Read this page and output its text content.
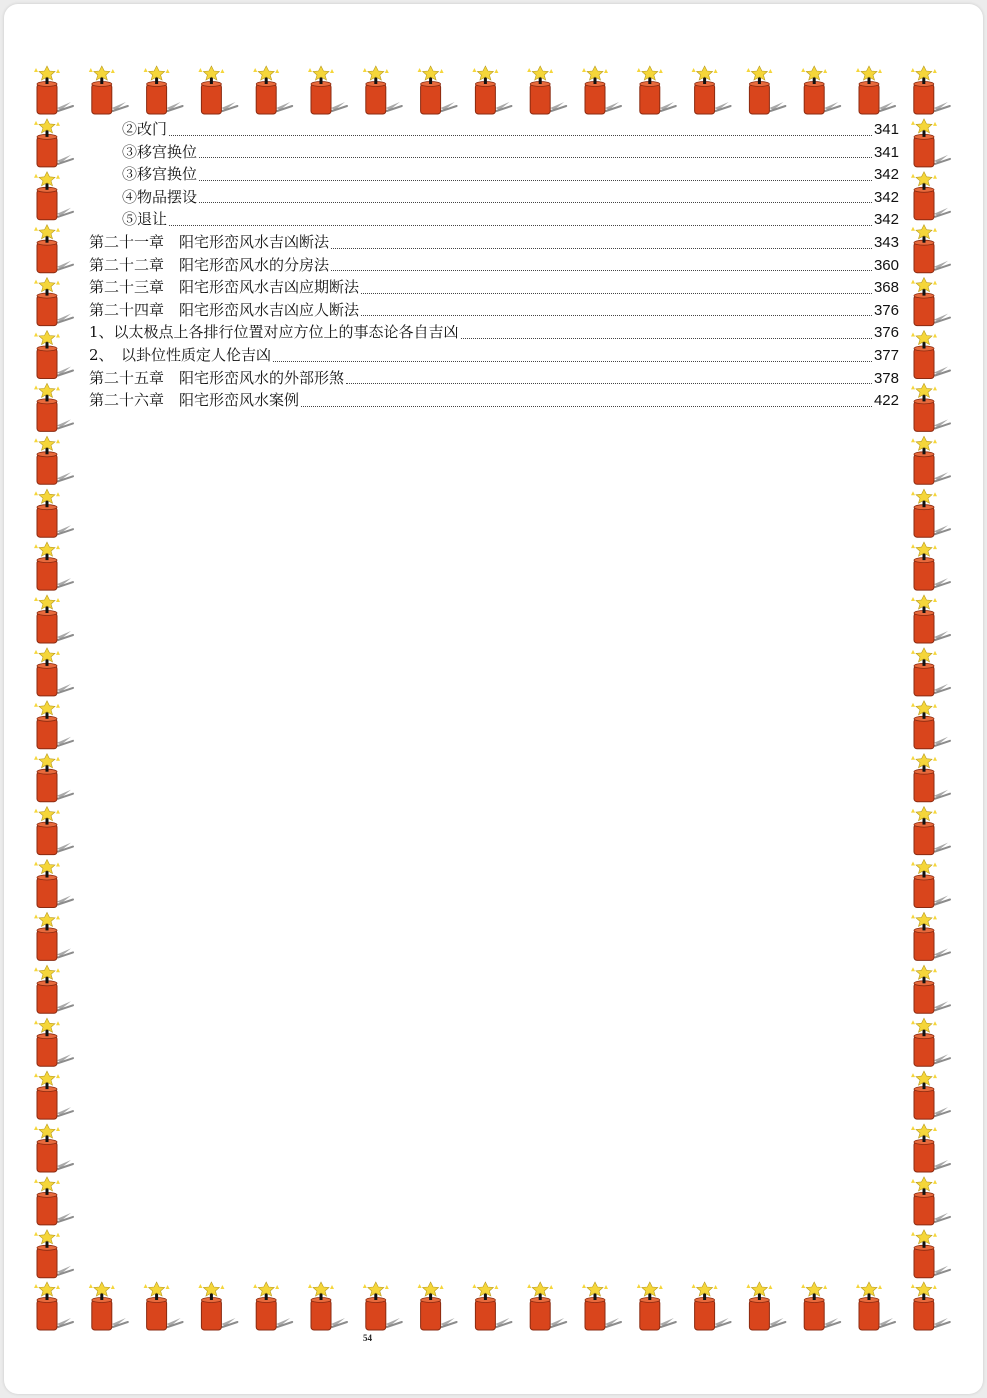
②改门	341
③移宫换位	341
③移宫换位	342
④物品摆设	342
⑤退让	342
第二十一章　阳宅形峦风水吉凶断法	343
第二十二章　阳宅形峦风水的分房法	360
第二十三章　阳宅形峦风水吉凶应期断法	368
第二十四章　阳宅形峦风水吉凶应人断法	376
1、以太极点上各排行位置对应方位上的事态论各自吉凶	376
2、　以卦位性质定人伦吉凶	377
第二十五章　阳宅形峦风水的外部形煞	378
第二十六章　阳宅形峦风水案例	422
54
